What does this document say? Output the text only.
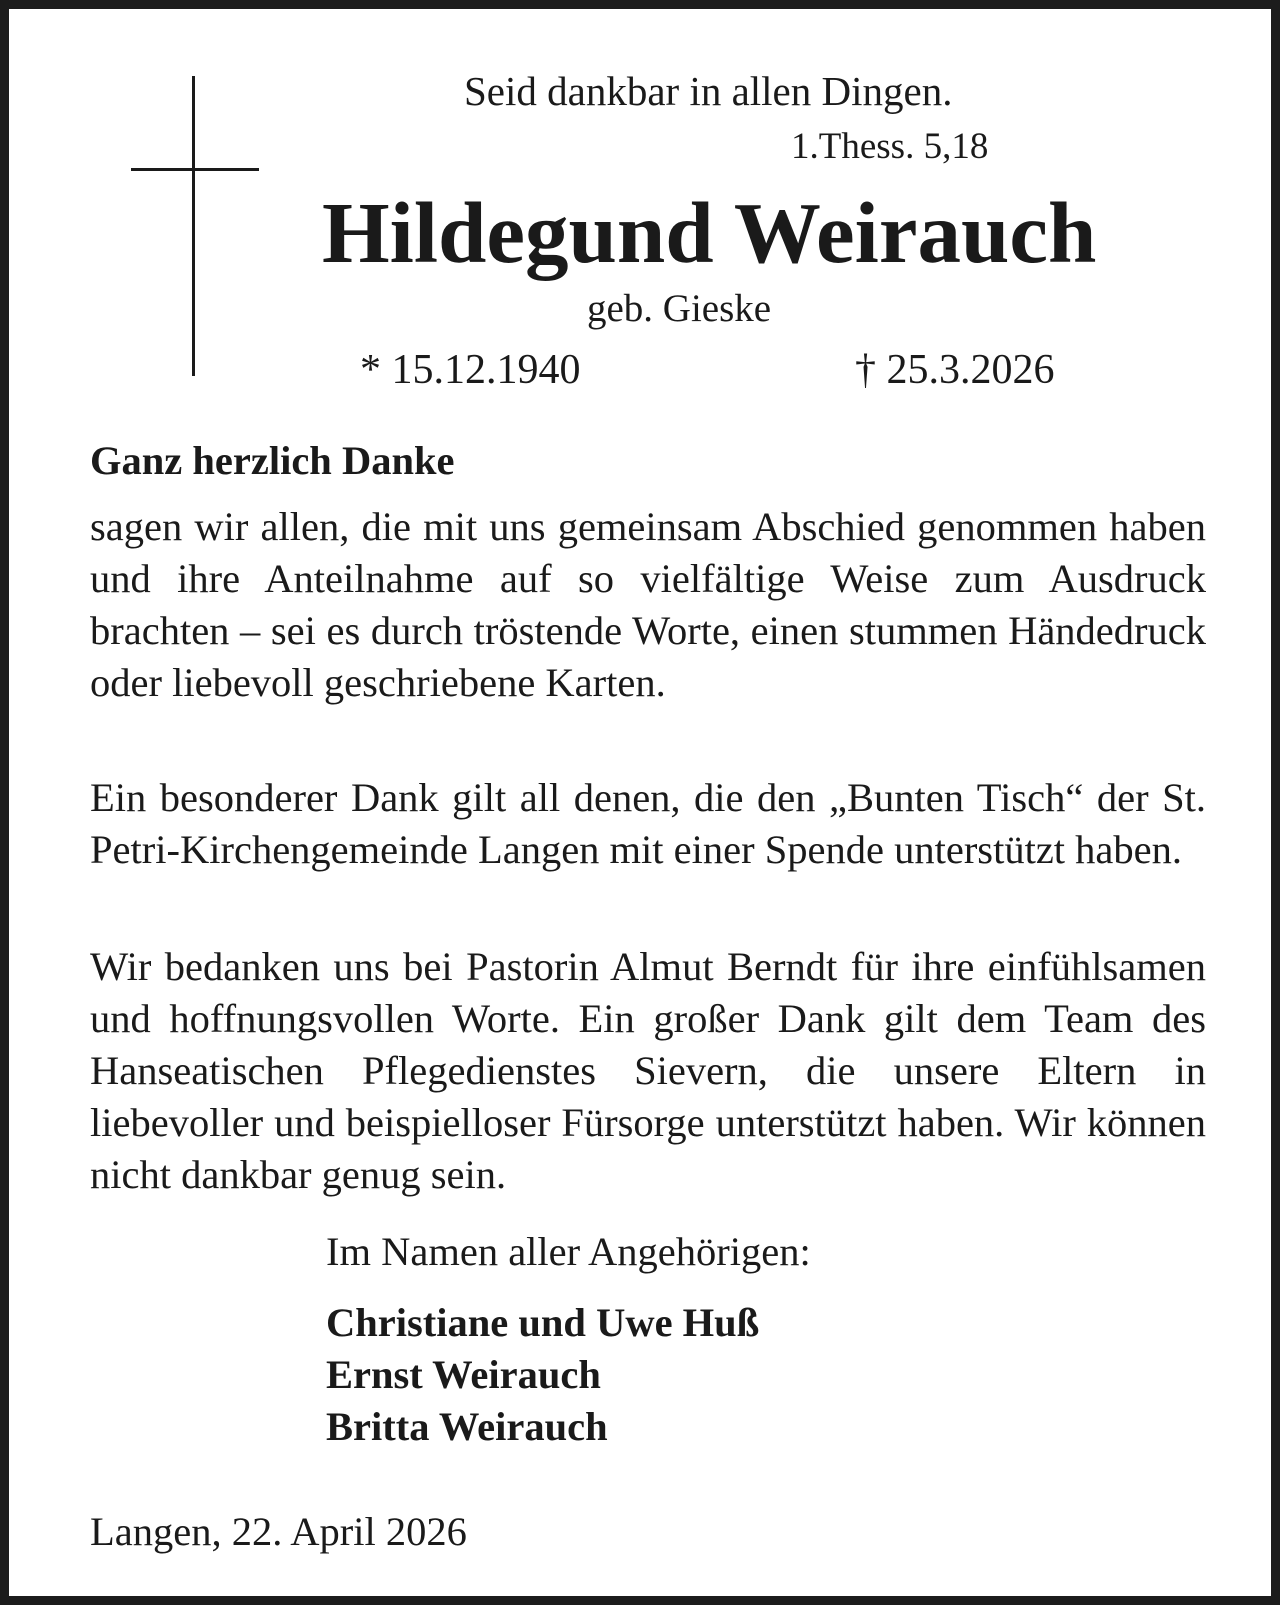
Seid dankbar in allen Dingen.
1.Thess. 5,18
Hildegund Weirauch
geb. Gieske
* 15.12.1940	† 25.3.2026
Ganz herzlich Danke
sagen wir allen, die mit uns gemeinsam Abschied genommen haben und ihre Anteilnahme auf so vielfältige Weise zum Ausdruck brachten – sei es durch tröstende Worte, einen stummen Händedruck oder liebevoll geschriebene Karten.
Ein besonderer Dank gilt all denen, die den „Bunten Tisch“ der St. Petri-Kirchengemeinde Langen mit einer Spende unterstützt haben.
Wir bedanken uns bei Pastorin Almut Berndt für ihre einfühlsamen und hoffnungsvollen Worte. Ein großer Dank gilt dem Team des Hanseatischen Pflegedienstes Sievern, die unsere Eltern in liebevoller und beispielloser Fürsorge unterstützt haben. Wir können nicht dankbar genug sein.
Im Namen aller Angehörigen:
Christiane und Uwe Huß
Ernst Weirauch
Britta Weirauch
Langen, 22. April 2026
